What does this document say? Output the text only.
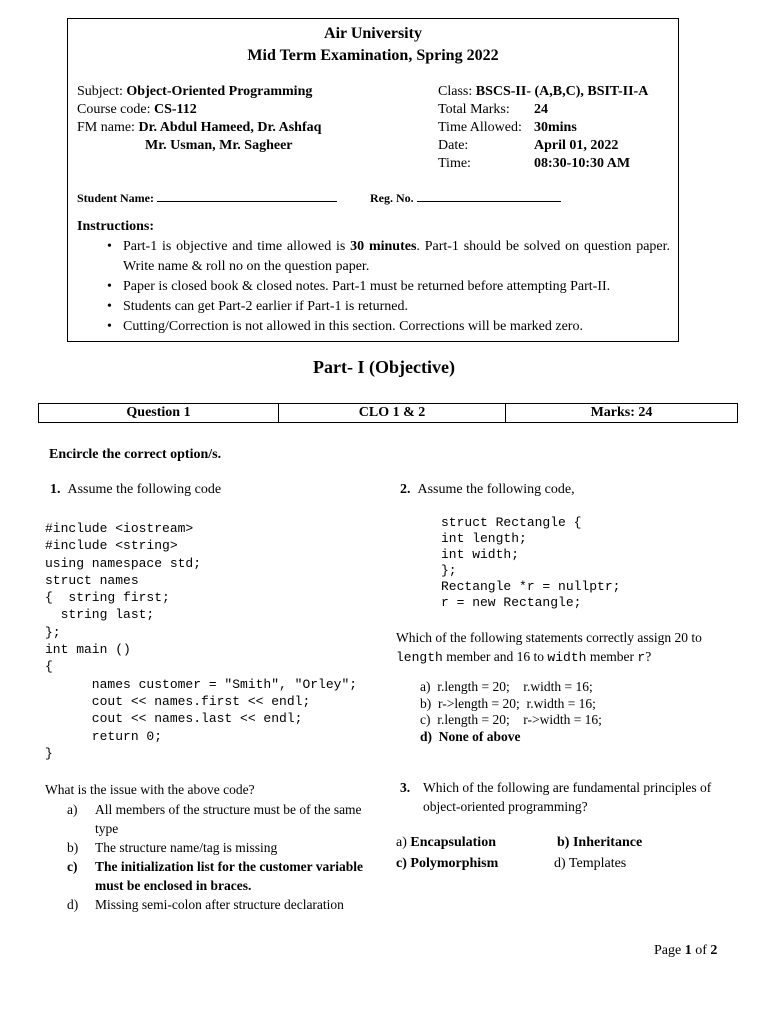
Air University
Mid Term Examination, Spring 2022
Subject: Object-Oriented Programming
Course code: CS-112
FM name: Dr. Abdul Hameed, Dr. Ashfaq
Mr. Usman, Mr. Sagheer
Class: BSCS-II- (A,B,C), BSIT-II-A
Total Marks: 24
Time Allowed: 30mins
Date:	April 01, 2022
Time:	08:30-10:30 AM
Student Name:	Reg. No.
Instructions:
• Part-1 is objective and time allowed is 30 minutes. Part-1 should be solved on question paper. Write name & roll no on the question paper.
• Paper is closed book & closed notes. Part-1 must be returned before attempting Part-II.
• Students can get Part-2 earlier if Part-1 is returned.
• Cutting/Correction is not allowed in this section. Corrections will be marked zero.
Part- I (Objective)
Question 1	CLO 1 & 2	Marks: 24
Encircle the correct option/s.
1. Assume the following code
#include <iostream>
#include <string>
using namespace std;
struct names
{  string first;
string last;
};
int main ()
{
names customer = "Smith", "Orley";
cout << names.first << endl;
cout << names.last << endl;
return 0;
}
What is the issue with the above code?
a)	All members of the structure must be of the same type
b)	The structure name/tag is missing
c)	The initialization list for the customer variable must be enclosed in braces.
d)	Missing semi-colon after structure declaration
2. Assume the following code,
struct Rectangle {
int length;
int width;
};
Rectangle *r = nullptr;
r = new Rectangle;
Which of the following statements correctly assign 20 to length member and 16 to width member r?
a) r.length = 20;    r.width = 16;
b) r->length = 20;  r.width = 16;
c) r.length = 20;    r->width = 16;
d) None of above
3. Which of the following are fundamental principles of object-oriented programming?
a) Encapsulation	b) Inheritance
c) Polymorphism	d) Templates
Page 1 of 2
